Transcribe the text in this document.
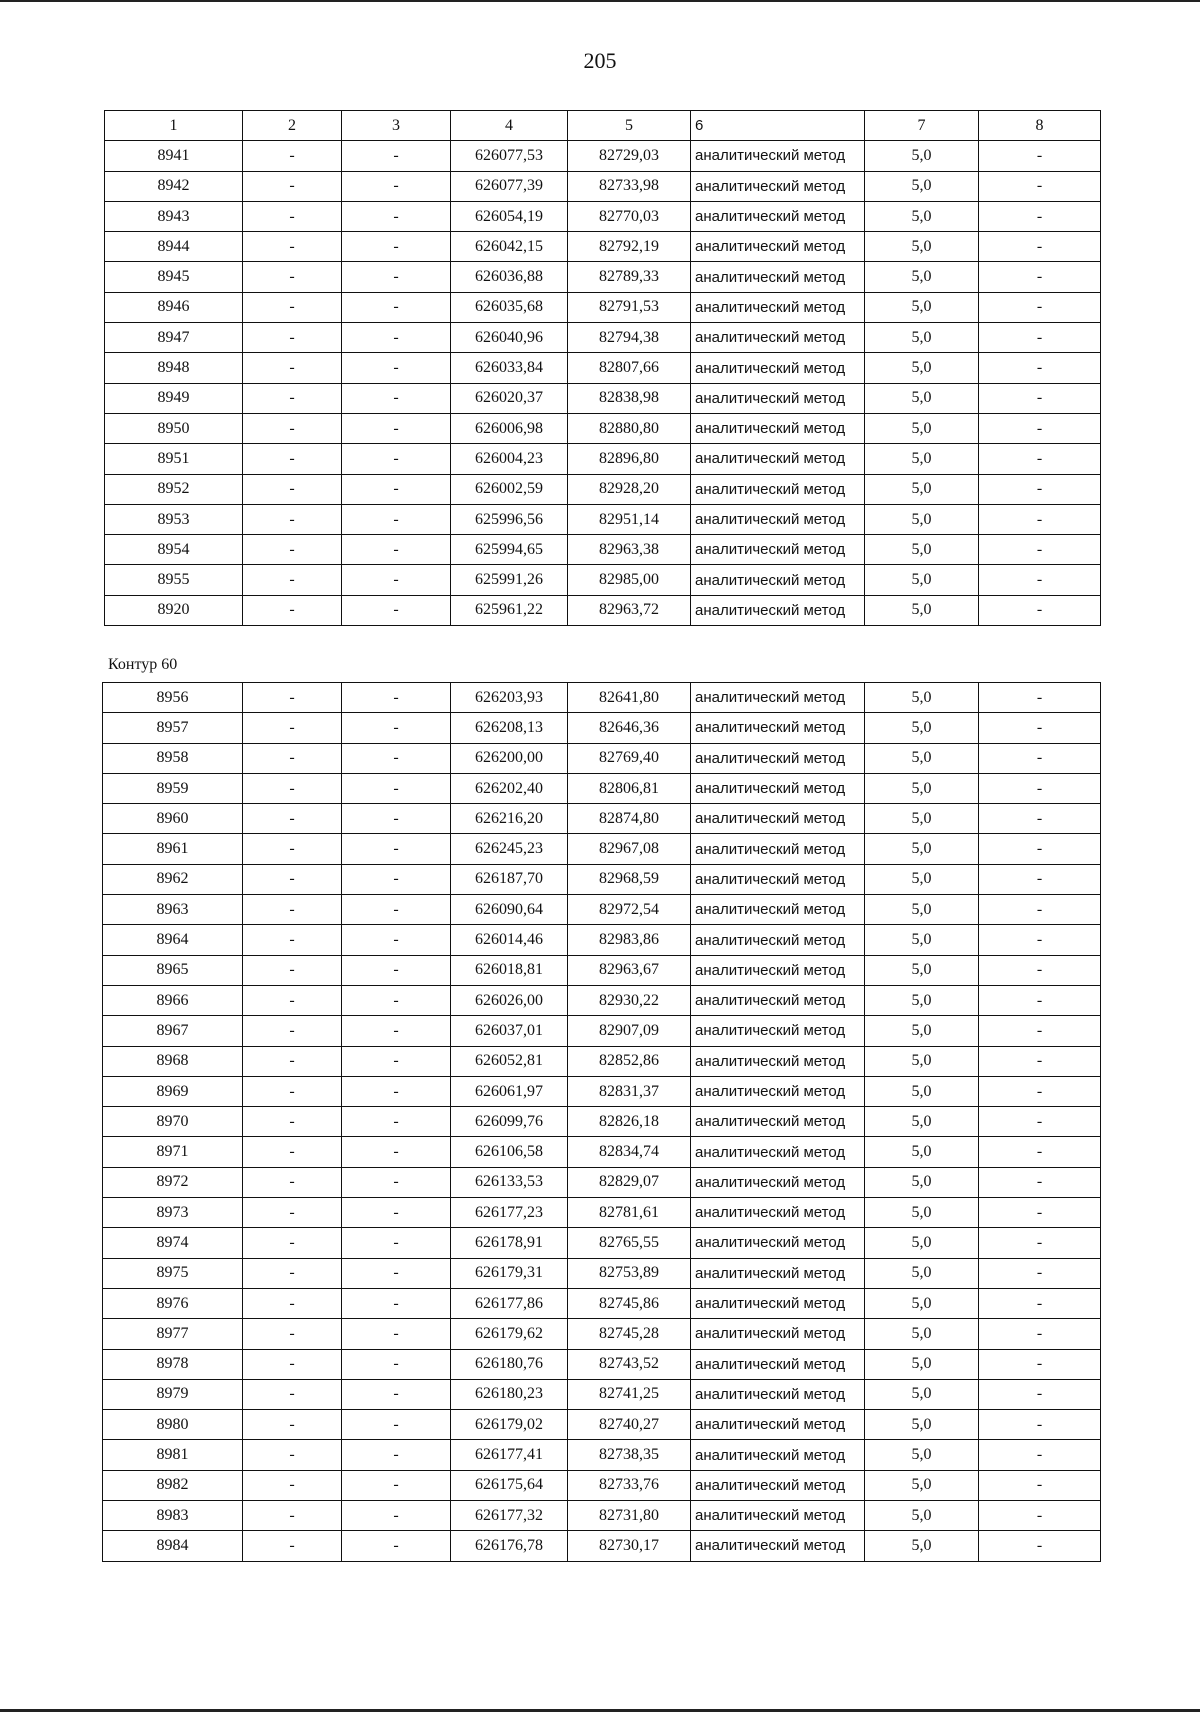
205
1	2	3	4	5	6	7	8
8941	-	-	626077,53	82729,03	аналитический метод	5,0	-
8942	-	-	626077,39	82733,98	аналитический метод	5,0	-
8943	-	-	626054,19	82770,03	аналитический метод	5,0	-
8944	-	-	626042,15	82792,19	аналитический метод	5,0	-
8945	-	-	626036,88	82789,33	аналитический метод	5,0	-
8946	-	-	626035,68	82791,53	аналитический метод	5,0	-
8947	-	-	626040,96	82794,38	аналитический метод	5,0	-
8948	-	-	626033,84	82807,66	аналитический метод	5,0	-
8949	-	-	626020,37	82838,98	аналитический метод	5,0	-
8950	-	-	626006,98	82880,80	аналитический метод	5,0	-
8951	-	-	626004,23	82896,80	аналитический метод	5,0	-
8952	-	-	626002,59	82928,20	аналитический метод	5,0	-
8953	-	-	625996,56	82951,14	аналитический метод	5,0	-
8954	-	-	625994,65	82963,38	аналитический метод	5,0	-
8955	-	-	625991,26	82985,00	аналитический метод	5,0	-
8920	-	-	625961,22	82963,72	аналитический метод	5,0	-
Контур 60
8956	-	-	626203,93	82641,80	аналитический метод	5,0	-
8957	-	-	626208,13	82646,36	аналитический метод	5,0	-
8958	-	-	626200,00	82769,40	аналитический метод	5,0	-
8959	-	-	626202,40	82806,81	аналитический метод	5,0	-
8960	-	-	626216,20	82874,80	аналитический метод	5,0	-
8961	-	-	626245,23	82967,08	аналитический метод	5,0	-
8962	-	-	626187,70	82968,59	аналитический метод	5,0	-
8963	-	-	626090,64	82972,54	аналитический метод	5,0	-
8964	-	-	626014,46	82983,86	аналитический метод	5,0	-
8965	-	-	626018,81	82963,67	аналитический метод	5,0	-
8966	-	-	626026,00	82930,22	аналитический метод	5,0	-
8967	-	-	626037,01	82907,09	аналитический метод	5,0	-
8968	-	-	626052,81	82852,86	аналитический метод	5,0	-
8969	-	-	626061,97	82831,37	аналитический метод	5,0	-
8970	-	-	626099,76	82826,18	аналитический метод	5,0	-
8971	-	-	626106,58	82834,74	аналитический метод	5,0	-
8972	-	-	626133,53	82829,07	аналитический метод	5,0	-
8973	-	-	626177,23	82781,61	аналитический метод	5,0	-
8974	-	-	626178,91	82765,55	аналитический метод	5,0	-
8975	-	-	626179,31	82753,89	аналитический метод	5,0	-
8976	-	-	626177,86	82745,86	аналитический метод	5,0	-
8977	-	-	626179,62	82745,28	аналитический метод	5,0	-
8978	-	-	626180,76	82743,52	аналитический метод	5,0	-
8979	-	-	626180,23	82741,25	аналитический метод	5,0	-
8980	-	-	626179,02	82740,27	аналитический метод	5,0	-
8981	-	-	626177,41	82738,35	аналитический метод	5,0	-
8982	-	-	626175,64	82733,76	аналитический метод	5,0	-
8983	-	-	626177,32	82731,80	аналитический метод	5,0	-
8984	-	-	626176,78	82730,17	аналитический метод	5,0	-
